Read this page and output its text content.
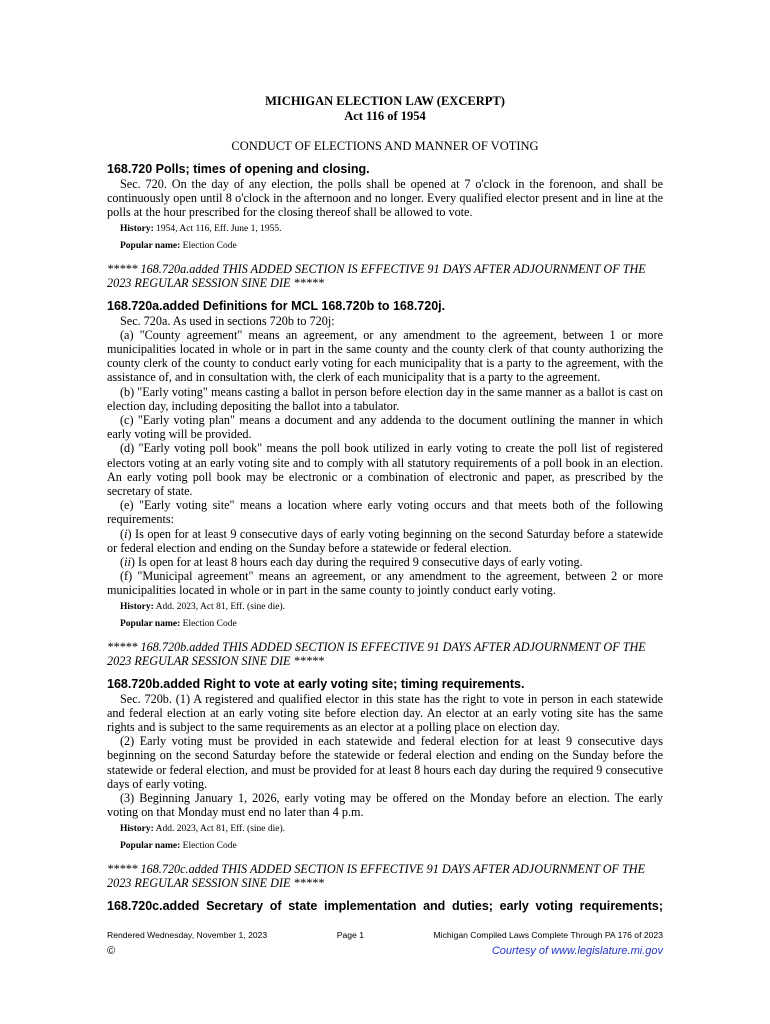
MICHIGAN ELECTION LAW (EXCERPT)
Act 116 of 1954
CONDUCT OF ELECTIONS AND MANNER OF VOTING
168.720 Polls; times of opening and closing.

Sec. 720. On the day of any election, the polls shall be opened at 7 o'clock in the forenoon, and shall be continuously open until 8 o'clock in the afternoon and no longer. Every qualified elector present and in line at the polls at the hour prescribed for the closing thereof shall be allowed to vote.

History: 1954, Act 116, Eff. June 1, 1955.
Popular name: Election Code
***** 168.720a.added THIS ADDED SECTION IS EFFECTIVE 91 DAYS AFTER ADJOURNMENT OF THE 2023 REGULAR SESSION SINE DIE *****
168.720a.added Definitions for MCL 168.720b to 168.720j.

Sec. 720a. As used in sections 720b to 720j:

(a) "County agreement" means an agreement, or any amendment to the agreement, between 1 or more municipalities located in whole or in part in the same county and the county clerk of that county authorizing the county clerk of the county to conduct early voting for each municipality that is a party to the agreement, with the assistance of, and in consultation with, the clerk of each municipality that is a party to the agreement.

(b) "Early voting" means casting a ballot in person before election day in the same manner as a ballot is cast on election day, including depositing the ballot into a tabulator.

(c) "Early voting plan" means a document and any addenda to the document outlining the manner in which early voting will be provided.

(d) "Early voting poll book" means the poll book utilized in early voting to create the poll list of registered electors voting at an early voting site and to comply with all statutory requirements of a poll book in an election. An early voting poll book may be electronic or a combination of electronic and paper, as prescribed by the secretary of state.

(e) "Early voting site" means a location where early voting occurs and that meets both of the following requirements:

(i) Is open for at least 9 consecutive days of early voting beginning on the second Saturday before a statewide or federal election and ending on the Sunday before a statewide or federal election.

(ii) Is open for at least 8 hours each day during the required 9 consecutive days of early voting.

(f) "Municipal agreement" means an agreement, or any amendment to the agreement, between 2 or more municipalities located in whole or in part in the same county to jointly conduct early voting.

History: Add. 2023, Act 81, Eff. (sine die).
Popular name: Election Code
***** 168.720b.added THIS ADDED SECTION IS EFFECTIVE 91 DAYS AFTER ADJOURNMENT OF THE 2023 REGULAR SESSION SINE DIE *****
168.720b.added Right to vote at early voting site; timing requirements.

Sec. 720b. (1) A registered and qualified elector in this state has the right to vote in person in each statewide and federal election at an early voting site before election day. An elector at an early voting site has the same rights and is subject to the same requirements as an elector at a polling place on election day.

(2) Early voting must be provided in each statewide and federal election for at least 9 consecutive days beginning on the second Saturday before the statewide or federal election and ending on the Sunday before the statewide or federal election, and must be provided for at least 8 hours each day during the required 9 consecutive days of early voting.

(3) Beginning January 1, 2026, early voting may be offered on the Monday before an election. The early voting on that Monday must end no later than 4 p.m.

History: Add. 2023, Act 81, Eff. (sine die).
Popular name: Election Code
***** 168.720c.added THIS ADDED SECTION IS EFFECTIVE 91 DAYS AFTER ADJOURNMENT OF THE 2023 REGULAR SESSION SINE DIE *****
168.720c.added Secretary of state implementation and duties; early voting requirements;
Rendered Wednesday, November 1, 2023	Page 1	Michigan Compiled Laws Complete Through PA 176 of 2023
©	Courtesy of www.legislature.mi.gov
